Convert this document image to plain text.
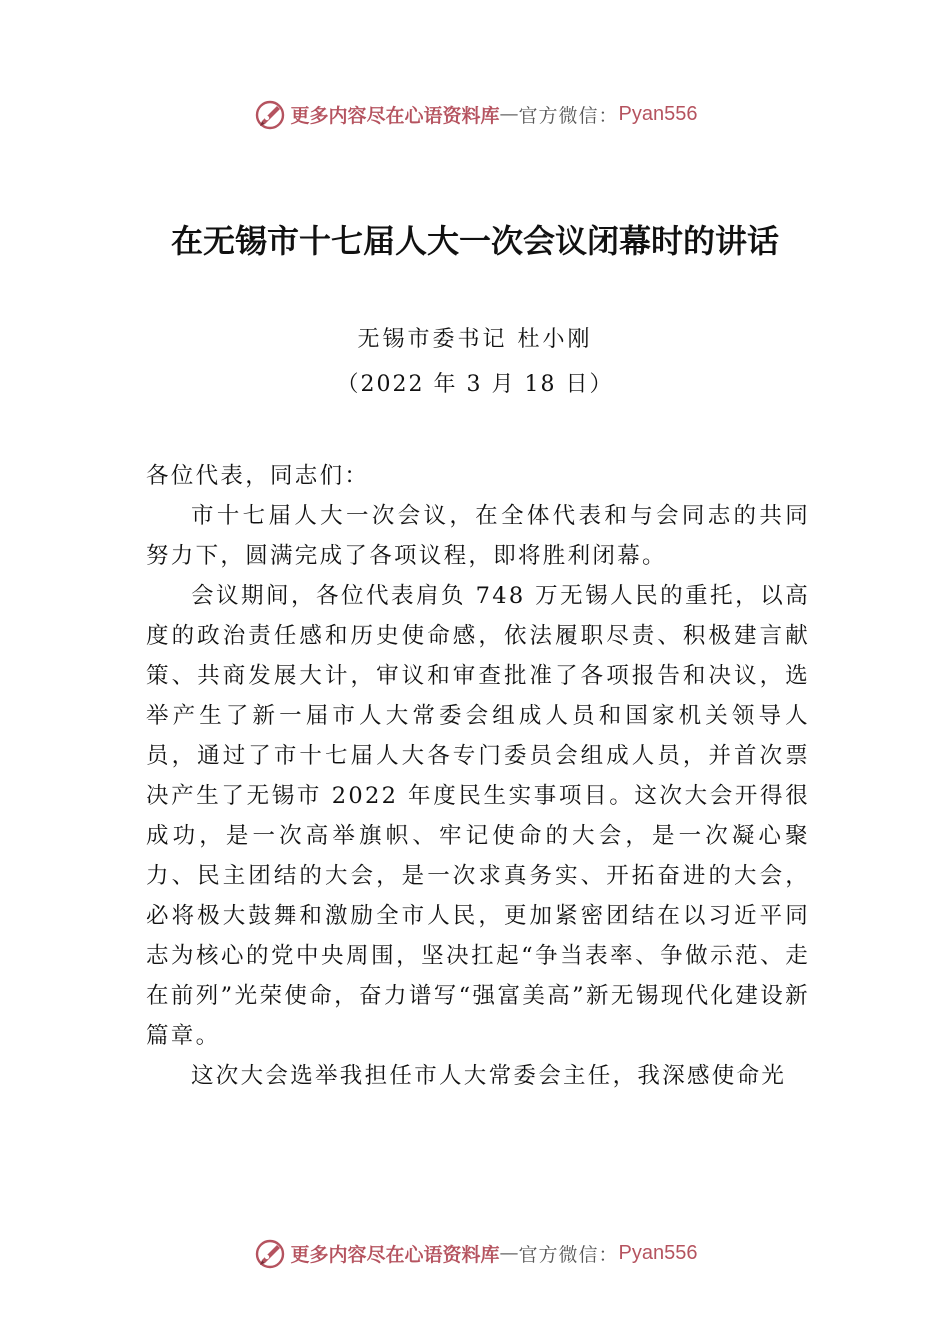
更多内容尽在心语资料库 — 官方微信： Pyan556
在无锡市十七届人大一次会议闭幕时的讲话
无锡市委书记 杜小刚
（2022 年 3 月 18 日）

各位代表，同志们：

市十七届人大一次会议，在全体代表和与会同志的共同努力下，圆满完成了各项议程，即将胜利闭幕。

会议期间，各位代表肩负 748 万无锡人民的重托，以高度的政治责任感和历史使命感，依法履职尽责、积极建言献策、共商发展大计，审议和审查批准了各项报告和决议，选举产生了新一届市人大常委会组成人员和国家机关领导人员，通过了市十七届人大各专门委员会组成人员，并首次票决产生了无锡市 2022 年度民生实事项目。这次大会开得很成功，是一次高举旗帜、牢记使命的大会，是一次凝心聚力、民主团结的大会，是一次求真务实、开拓奋进的大会，必将极大鼓舞和激励全市人民，更加紧密团结在以习近平同志为核心的党中央周围，坚决扛起“争当表率、争做示范、走在前列”光荣使命，奋力谱写“强富美高”新无锡现代化建设新篇章。

这次大会选举我担任市人大常委会主任，我深感使命光

更多内容尽在心语资料库 — 官方微信： Pyan556
